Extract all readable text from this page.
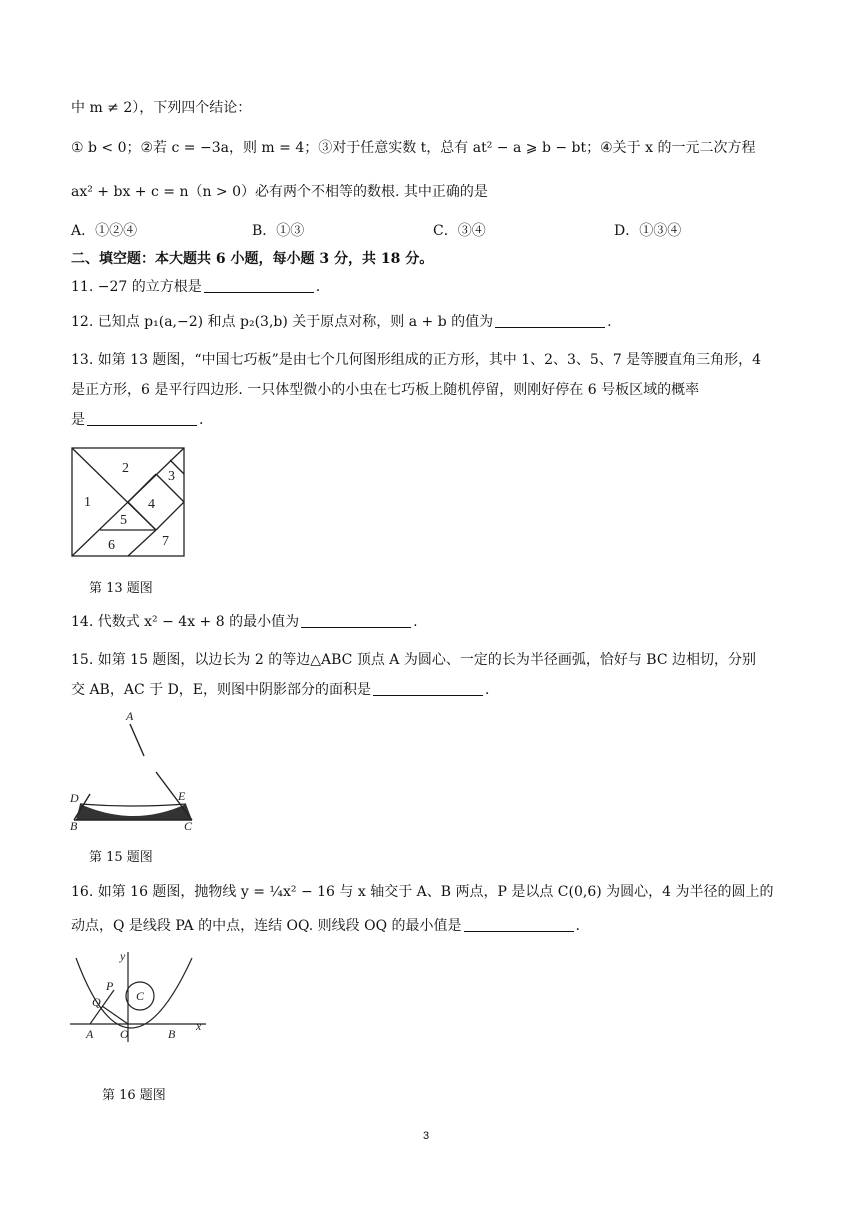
中 m ≠ 2），下列四个结论：
① b < 0；②若 c = −3a，则 m = 4；③对于任意实数 t，总有 at² − a ⩾ b − bt；④关于 x 的一元二次方程
ax² + bx + c = n（n > 0）必有两个不相等的数根. 其中正确的是
A．①②④	B．①③	C．③④	D．①③④
二、填空题：本大题共 6 小题，每小题 3 分，共 18 分。
11. −27 的立方根是	.
12. 已知点 p₁(a,−2) 和点 p₂(3,b) 关于原点对称，则 a + b 的值为	.
13. 如第 13 题图，“中国七巧板”是由七个几何图形组成的正方形，其中 1、2、3、5、7 是等腰直角三角形，4
是正方形，6 是平行四边形. 一只体型微小的小虫在七巧板上随机停留，则刚好停在 6 号板区域的概率
是	.
2
3
1	4
5
6	7
第 13 题图
14. 代数式 x² − 4x + 8 的最小值为	.
15. 如第 15 题图，以边长为 2 的等边△ABC 顶点 A 为圆心、一定的长为半径画弧，恰好与 BC 边相切，分别
交 AB，AC 于 D，E，则图中阴影部分的面积是	.
A
D	E
B	C
第 15 题图
16. 如第 16 题图，抛物线 y = ¼x² − 16 与 x 轴交于 A、B 两点，P 是以点 C(0,6) 为圆心，4 为半径的圆上的
动点，Q 是线段 PA 的中点，连结 OQ. 则线段 OQ 的最小值是	.
y
P
C
Q
A O	B
x
第 16 题图
3
